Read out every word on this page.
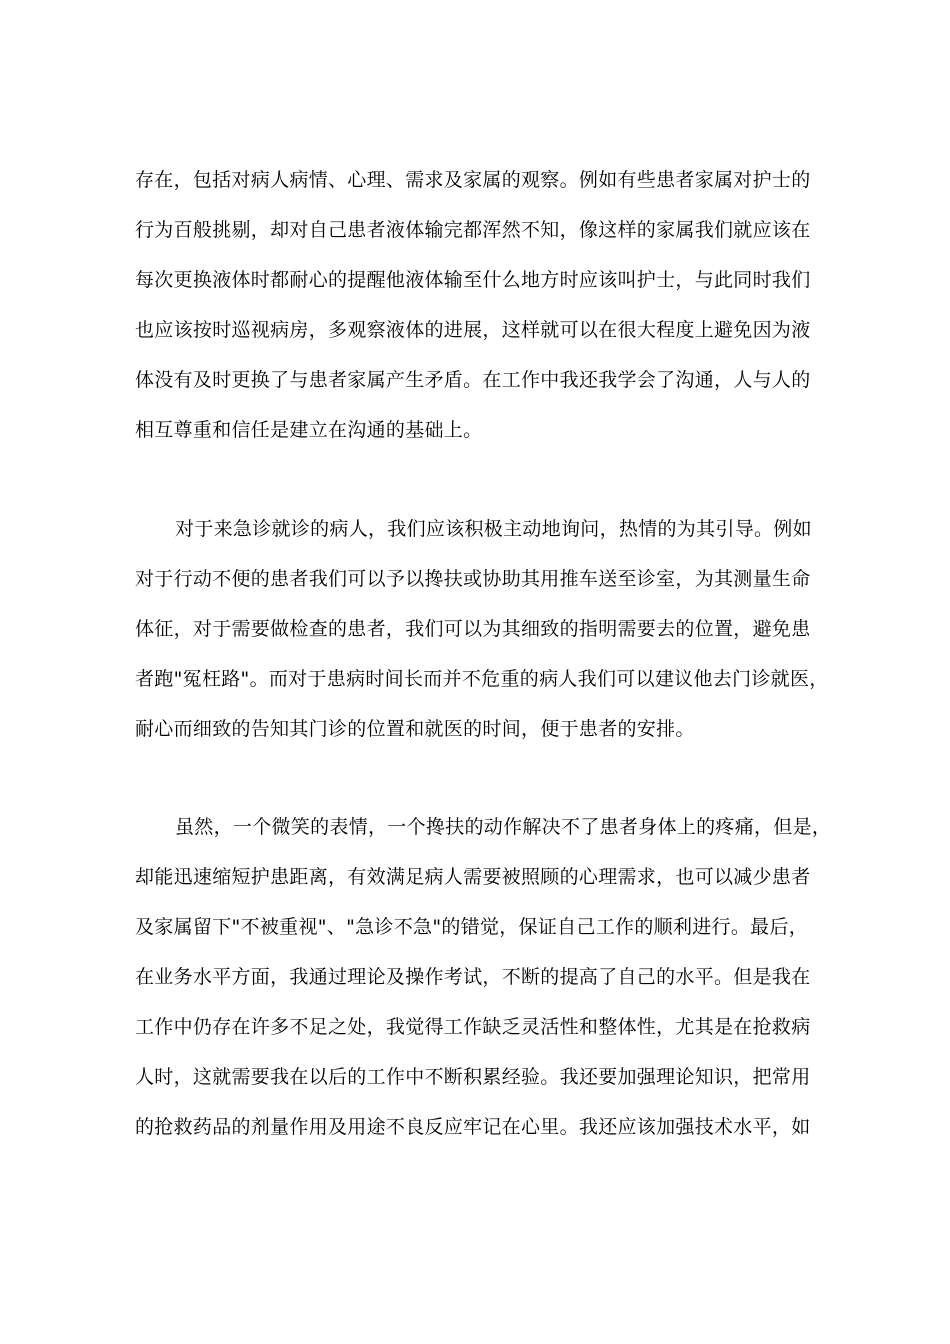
存在，包括对病人病情、心理、需求及家属的观察。例如有些患者家属对护士的
行为百般挑剔，却对自己患者液体输完都浑然不知，像这样的家属我们就应该在
每次更换液体时都耐心的提醒他液体输至什么地方时应该叫护士，与此同时我们
也应该按时巡视病房，多观察液体的进展，这样就可以在很大程度上避免因为液
体没有及时更换了与患者家属产生矛盾。在工作中我还我学会了沟通，人与人的
相互尊重和信任是建立在沟通的基础上。
对于来急诊就诊的病人，我们应该积极主动地询问，热情的为其引导。例如
对于行动不便的患者我们可以予以搀扶或协助其用推车送至诊室，为其测量生命
体征，对于需要做检查的患者，我们可以为其细致的指明需要去的位置，避免患
者跑"冤枉路"。而对于患病时间长而并不危重的病人我们可以建议他去门诊就医，
耐心而细致的告知其门诊的位置和就医的时间，便于患者的安排。
虽然，一个微笑的表情，一个搀扶的动作解决不了患者身体上的疼痛，但是，
却能迅速缩短护患距离，有效满足病人需要被照顾的心理需求，也可以减少患者
及家属留下"不被重视"、"急诊不急"的错觉，保证自己工作的顺利进行。最后，
在业务水平方面，我通过理论及操作考试，不断的提高了自己的水平。但是我在
工作中仍存在许多不足之处，我觉得工作缺乏灵活性和整体性，尤其是在抢救病
人时，这就需要我在以后的工作中不断积累经验。我还要加强理论知识，把常用
的抢救药品的剂量作用及用途不良反应牢记在心里。我还应该加强技术水平，如
